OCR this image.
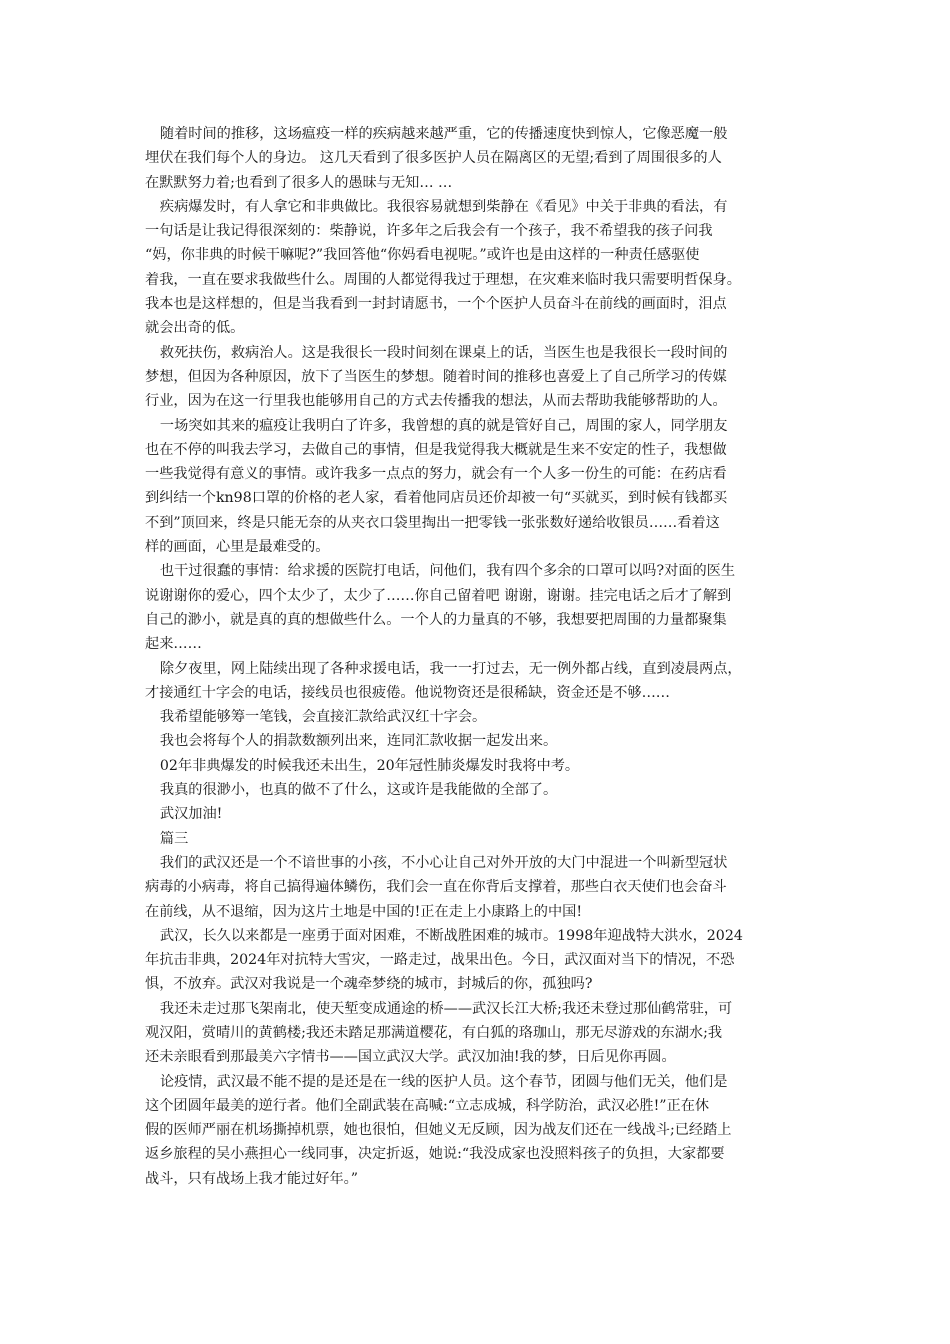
随着时间的推移，这场瘟疫一样的疾病越来越严重，它的传播速度快到惊人，它像恶魔一般
埋伏在我们每个人的身边。 这几天看到了很多医护人员在隔离区的无望;看到了周围很多的人
在默默努力着;也看到了很多人的愚昧与无知… …

疾病爆发时，有人拿它和非典做比。我很容易就想到柴静在《看见》中关于非典的看法，有
一句话是让我记得很深刻的：柴静说，许多年之后我会有一个孩子，我不希望我的孩子问我
“妈，你非典的时候干嘛呢?”我回答他“你妈看电视呢。”或许也是由这样的一种责任感驱使
着我，一直在要求我做些什么。周围的人都觉得我过于理想，在灾难来临时我只需要明哲保身。
我本也是这样想的，但是当我看到一封封请愿书，一个个医护人员奋斗在前线的画面时，泪点
就会出奇的低。

救死扶伤，救病治人。这是我很长一段时间刻在课桌上的话，当医生也是我很长一段时间的
梦想，但因为各种原因，放下了当医生的梦想。随着时间的推移也喜爱上了自己所学习的传媒
行业，因为在这一行里我也能够用自己的方式去传播我的想法，从而去帮助我能够帮助的人。

一场突如其来的瘟疫让我明白了许多，我曾想的真的就是管好自己，周围的家人，同学朋友
也在不停的叫我去学习，去做自己的事情，但是我觉得我大概就是生来不安定的性子，我想做
一些我觉得有意义的事情。或许我多一点点的努力，就会有一个人多一份生的可能：在药店看
到纠结一个kn98口罩的价格的老人家，看着他同店员还价却被一句“买就买，到时候有钱都买
不到”顶回来，终是只能无奈的从夹衣口袋里掏出一把零钱一张张数好递给收银员……看着这
样的画面，心里是最难受的。

也干过很蠢的事情：给求援的医院打电话，问他们，我有四个多余的口罩可以吗?对面的医生
说谢谢你的爱心，四个太少了，太少了……你自己留着吧 谢谢，谢谢。挂完电话之后才了解到
自己的渺小，就是真的真的想做些什么。一个人的力量真的不够，我想要把周围的力量都聚集
起来……

除夕夜里，网上陆续出现了各种求援电话，我一一打过去，无一例外都占线，直到凌晨两点，
才接通红十字会的电话，接线员也很疲倦。他说物资还是很稀缺，资金还是不够……

我希望能够筹一笔钱，会直接汇款给武汉红十字会。

我也会将每个人的捐款数额列出来，连同汇款收据一起发出来。

02年非典爆发的时候我还未出生，20年冠性肺炎爆发时我将中考。

我真的很渺小，也真的做不了什么，这或许是我能做的全部了。

武汉加油!

篇三

我们的武汉还是一个不谙世事的小孩，不小心让自己对外开放的大门中混进一个叫新型冠状
病毒的小病毒，将自己搞得遍体鳞伤，我们会一直在你背后支撑着，那些白衣天使们也会奋斗
在前线，从不退缩，因为这片土地是中国的!正在走上小康路上的中国!

武汉，长久以来都是一座勇于面对困难，不断战胜困难的城市。1998年迎战特大洪水，2024
年抗击非典，2024年对抗特大雪灾，一路走过，战果出色。今日，武汉面对当下的情况，不恐
惧，不放弃。武汉对我说是一个魂牵梦绕的城市，封城后的你，孤独吗?

我还未走过那飞架南北，使天堑变成通途的桥——武汉长江大桥;我还未登过那仙鹤常驻，可
观汉阳，赏晴川的黄鹤楼;我还未踏足那满道樱花，有白狐的珞珈山，那无尽游戏的东湖水;我
还未亲眼看到那最美六字情书——国立武汉大学。武汉加油!我的梦，日后见你再圆。

论疫情，武汉最不能不提的是还是在一线的医护人员。这个春节，团圆与他们无关，他们是
这个团圆年最美的逆行者。他们全副武装在高喊:“立志成城，科学防治，武汉必胜!”正在休
假的医师严丽在机场撕掉机票，她也很怕，但她义无反顾，因为战友们还在一线战斗;已经踏上
返乡旅程的吴小燕担心一线同事，决定折返，她说:“我没成家也没照料孩子的负担，大家都要
战斗，只有战场上我才能过好年。”
